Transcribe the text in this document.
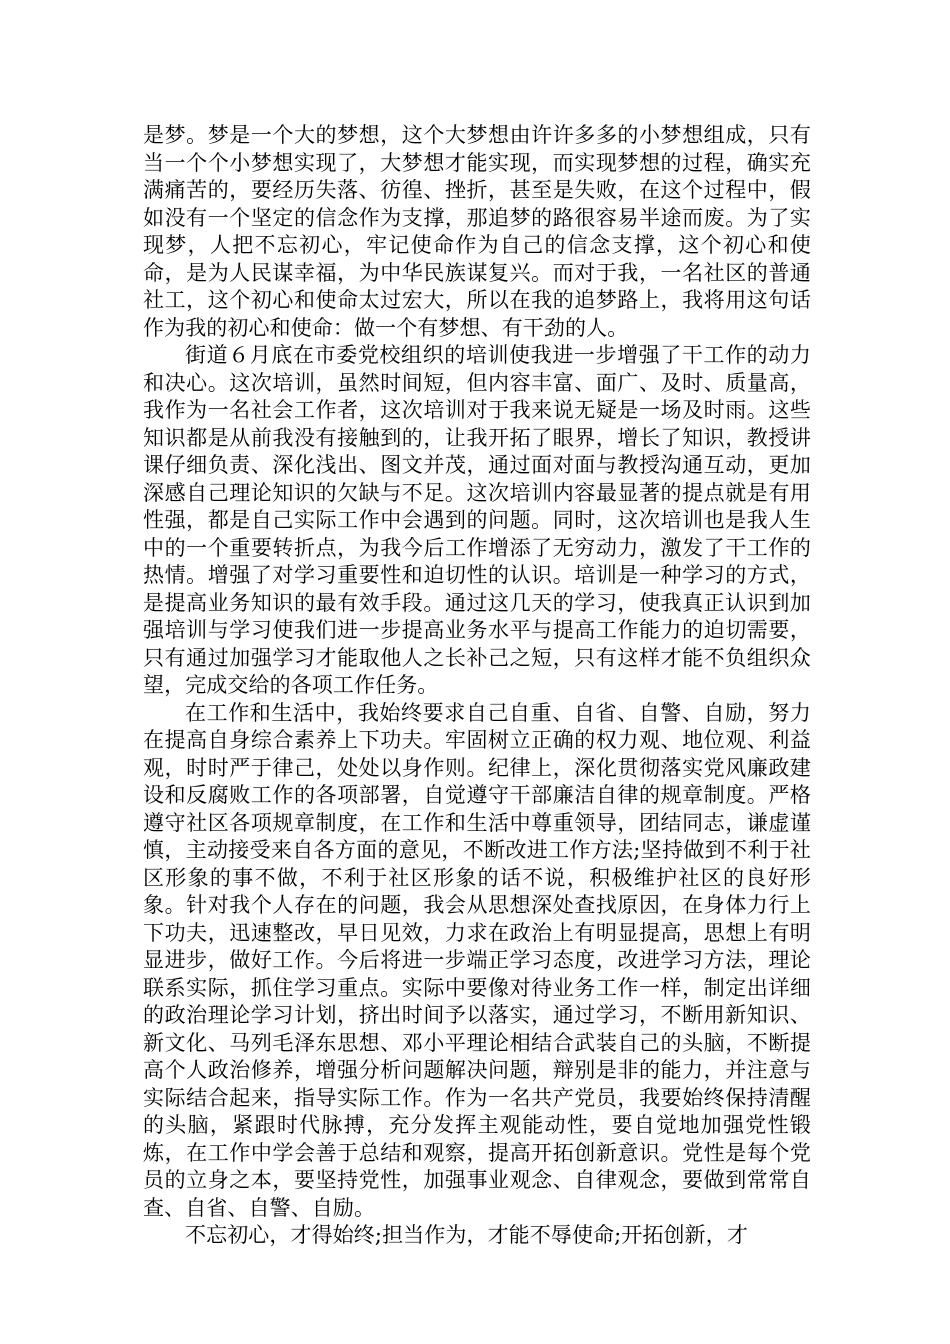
是梦。梦是一个大的梦想，这个大梦想由许许多多的小梦想组成，只有当一个个小梦想实现了，大梦想才能实现，而实现梦想的过程，确实充满痛苦的，要经历失落、彷徨、挫折，甚至是失败，在这个过程中，假如没有一个坚定的信念作为支撑，那追梦的路很容易半途而废。为了实现梦，人把不忘初心，牢记使命作为自己的信念支撑，这个初心和使命，是为人民谋幸福，为中华民族谋复兴。而对于我，一名社区的普通社工，这个初心和使命太过宏大，所以在我的追梦路上，我将用这句话作为我的初心和使命：做一个有梦想、有干劲的人。

街道６月底在市委党校组织的培训使我进一步增强了干工作的动力和决心。这次培训，虽然时间短，但内容丰富、面广、及时、质量高，我作为一名社会工作者，这次培训对于我来说无疑是一场及时雨。这些知识都是从前我没有接触到的，让我开拓了眼界，增长了知识，教授讲课仔细负责、深化浅出、图文并茂，通过面对面与教授沟通互动，更加深感自己理论知识的欠缺与不足。这次培训内容最显著的提点就是有用性强，都是自己实际工作中会遇到的问题。同时，这次培训也是我人生中的一个重要转折点，为我今后工作增添了无穷动力，激发了干工作的热情。增强了对学习重要性和迫切性的认识。培训是一种学习的方式，是提高业务知识的最有效手段。通过这几天的学习，使我真正认识到加强培训与学习使我们进一步提高业务水平与提高工作能力的迫切需要，只有通过加强学习才能取他人之长补己之短，只有这样才能不负组织众望，完成交给的各项工作任务。

在工作和生活中，我始终要求自己自重、自省、自警、自励，努力在提高自身综合素养上下功夫。牢固树立正确的权力观、地位观、利益观，时时严于律己，处处以身作则。纪律上，深化贯彻落实党风廉政建设和反腐败工作的各项部署，自觉遵守干部廉洁自律的规章制度。严格遵守社区各项规章制度，在工作和生活中尊重领导，团结同志，谦虚谨慎，主动接受来自各方面的意见，不断改进工作方法;坚持做到不利于社区形象的事不做，不利于社区形象的话不说，积极维护社区的良好形象。针对我个人存在的问题，我会从思想深处查找原因，在身体力行上下功夫，迅速整改，早日见效，力求在政治上有明显提高，思想上有明显进步，做好工作。今后将进一步端正学习态度，改进学习方法，理论联系实际，抓住学习重点。实际中要像对待业务工作一样，制定出详细的政治理论学习计划，挤出时间予以落实，通过学习，不断用新知识、新文化、马列毛泽东思想、邓小平理论相结合武装自己的头脑，不断提高个人政治修养，增强分析问题解决问题，辩别是非的能力，并注意与实际结合起来，指导实际工作。作为一名共产党员，我要始终保持清醒的头脑，紧跟时代脉搏，充分发挥主观能动性，要自觉地加强党性锻炼，在工作中学会善于总结和观察，提高开拓创新意识。党性是每个党员的立身之本，要坚持党性，加强事业观念、自律观念，要做到常常自查、自省、自警、自励。

不忘初心，才得始终;担当作为，才能不辱使命;开拓创新，才
